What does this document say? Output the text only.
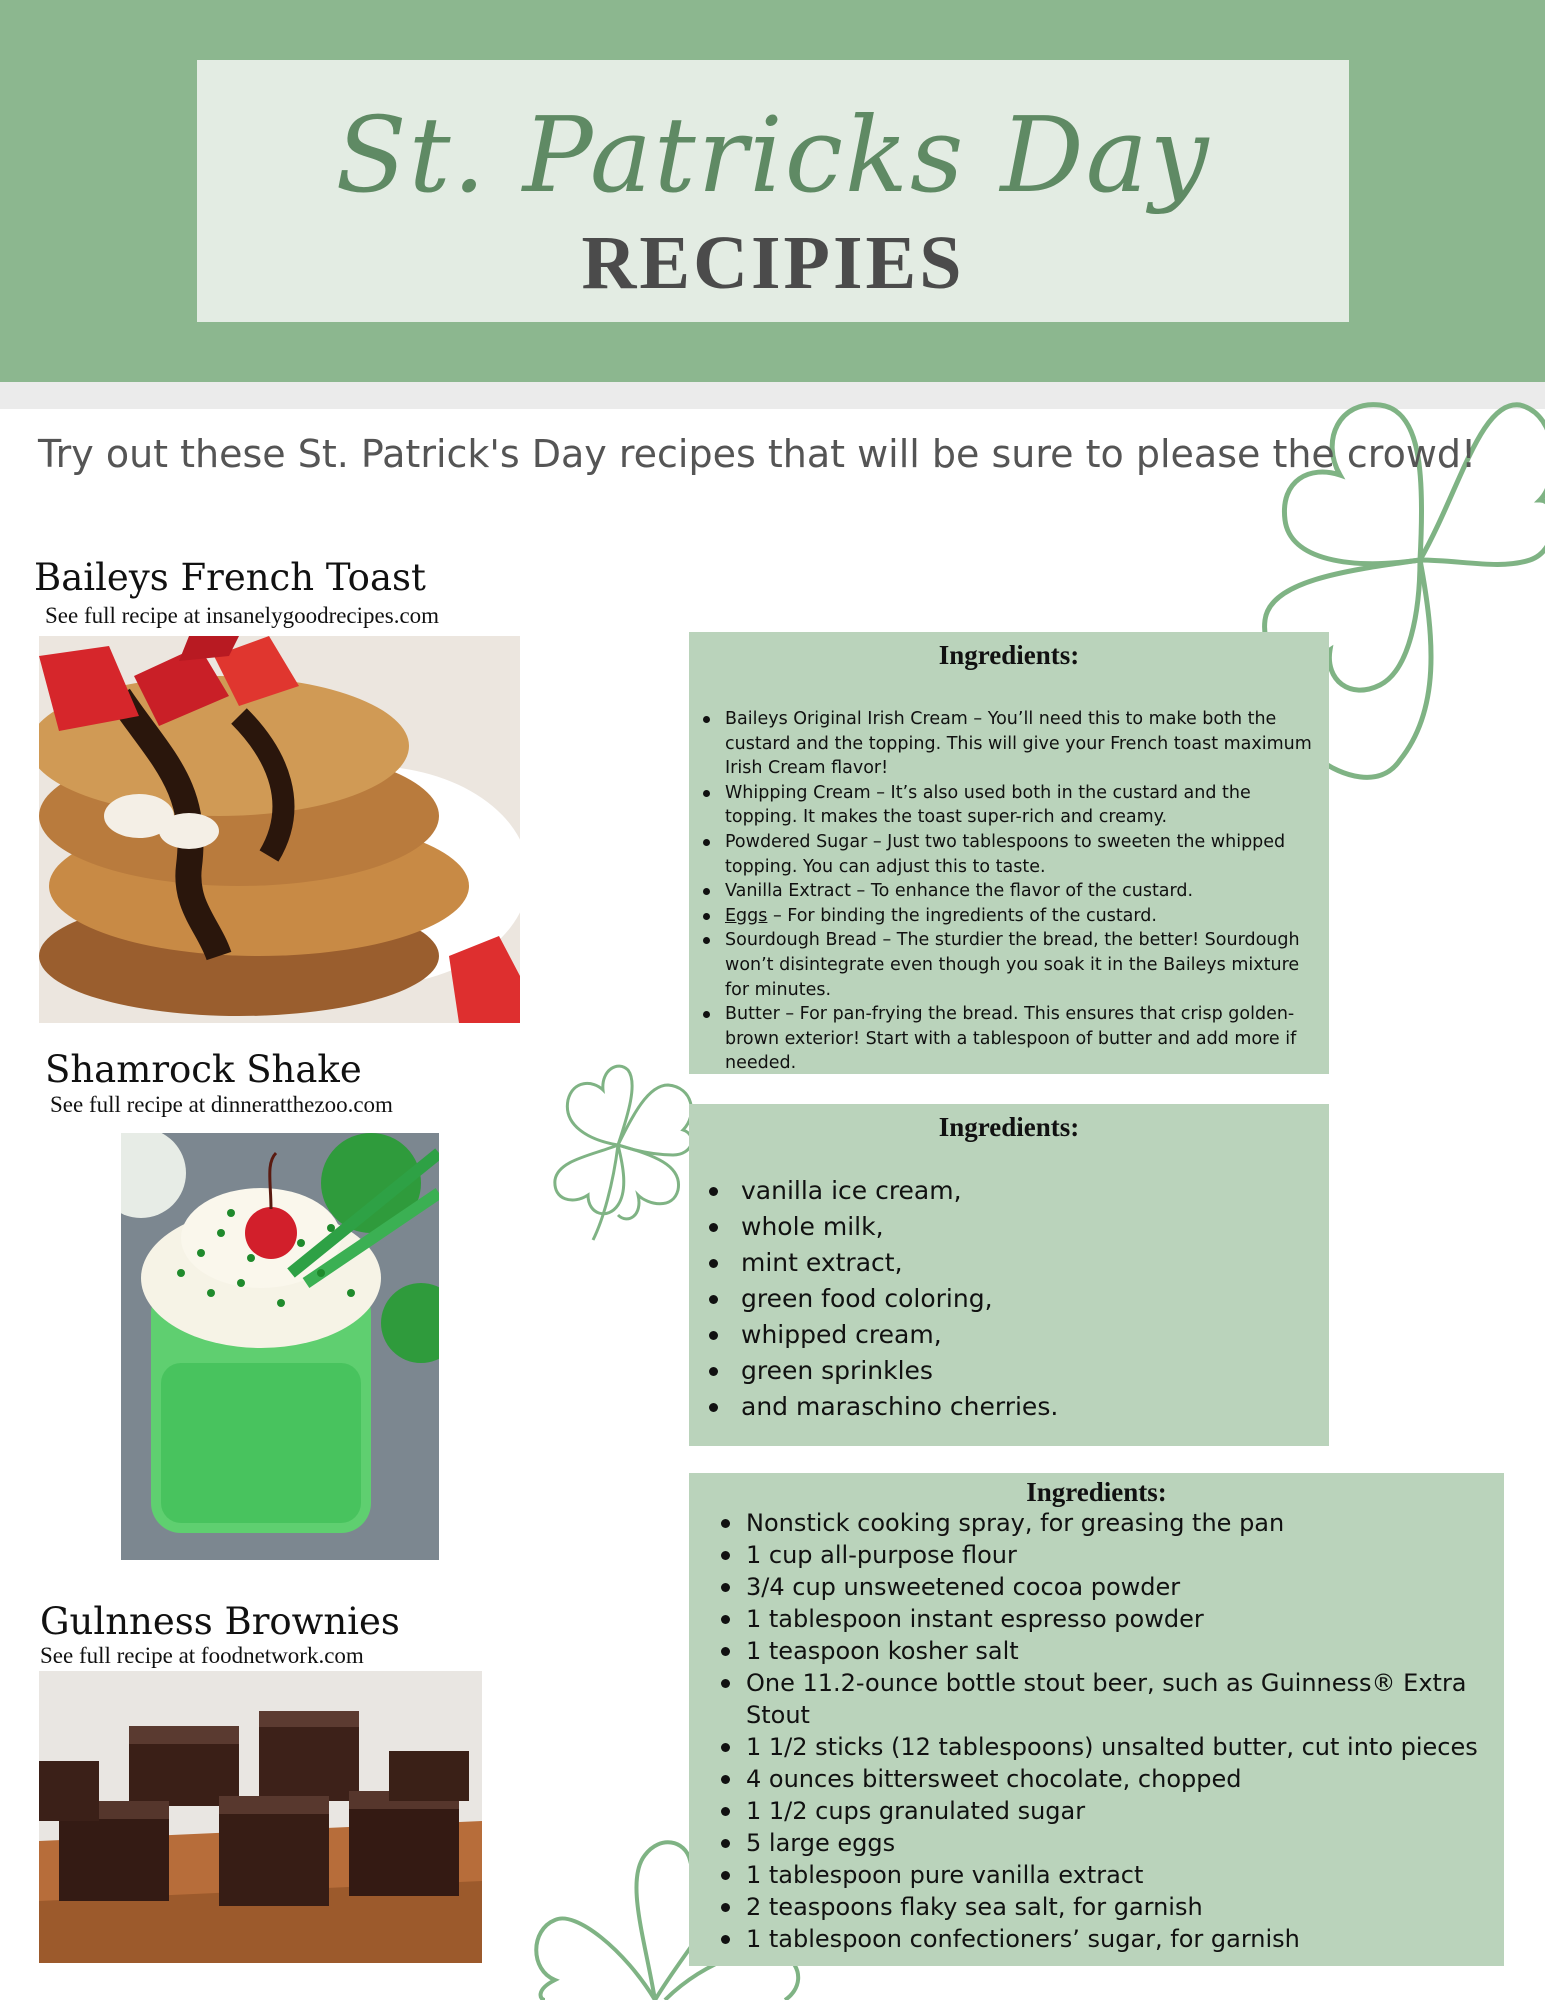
St. Patricks Day
RECIPIES
Try out these St. Patrick's Day recipes that will be sure to please the crowd!
Baileys French Toast
See full recipe at insanelygoodrecipes.com
Ingredients:
Baileys Original Irish Cream – You’ll need this to make both the custard and the topping. This will give your French toast maximum Irish Cream flavor!
Whipping Cream – It’s also used both in the custard and the topping. It makes the toast super-rich and creamy.
Powdered Sugar – Just two tablespoons to sweeten the whipped topping. You can adjust this to taste.
Vanilla Extract – To enhance the flavor of the custard.
Eggs – For binding the ingredients of the custard.
Sourdough Bread – The sturdier the bread, the better! Sourdough won’t disintegrate even though you soak it in the Baileys mixture for minutes.
Butter – For pan-frying the bread. This ensures that crisp golden-brown exterior! Start with a tablespoon of butter and add more if needed.
Shamrock Shake
See full recipe at dinneratthezoo.com
Ingredients:
vanilla ice cream,
whole milk,
mint extract,
green food coloring,
whipped cream,
green sprinkles
and maraschino cherries.
Gulnness Brownies
See full recipe at foodnetwork.com
Ingredients:
Nonstick cooking spray, for greasing the pan
1 cup all-purpose flour
3/4 cup unsweetened cocoa powder
1 tablespoon instant espresso powder
1 teaspoon kosher salt
One 11.2-ounce bottle stout beer, such as Guinness® Extra Stout
1 1/2 sticks (12 tablespoons) unsalted butter, cut into pieces
4 ounces bittersweet chocolate, chopped
1 1/2 cups granulated sugar
5 large eggs
1 tablespoon pure vanilla extract
2 teaspoons flaky sea salt, for garnish
1 tablespoon confectioners’ sugar, for garnish
